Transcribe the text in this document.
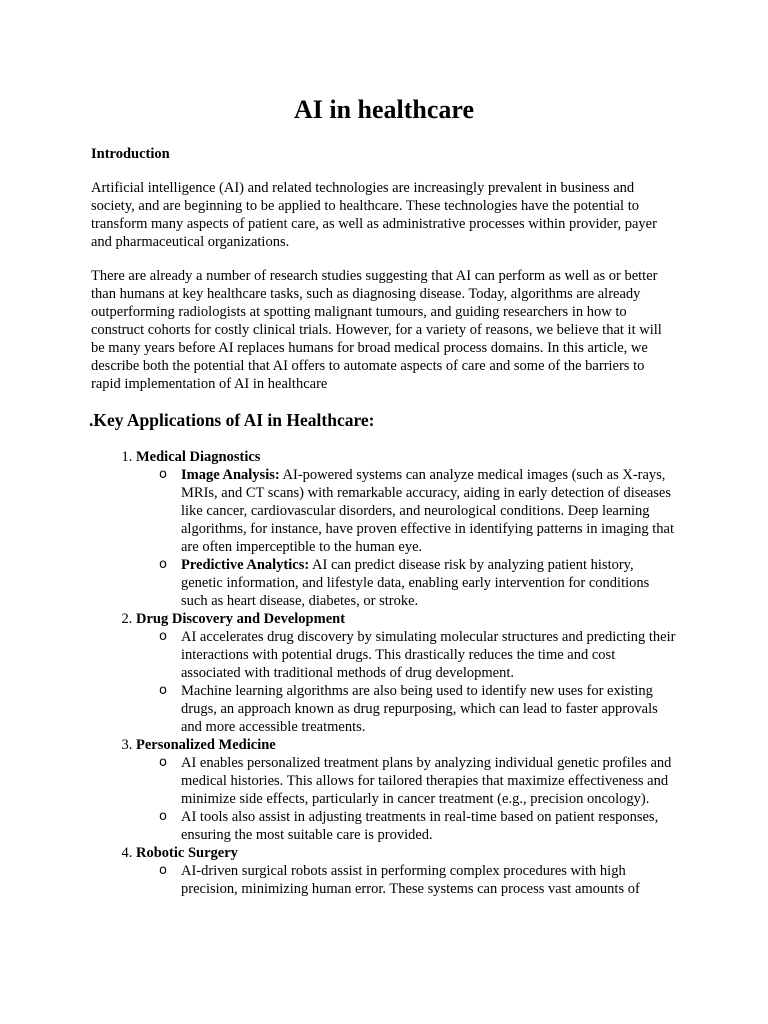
AI in healthcare
Introduction

Artificial intelligence (AI) and related technologies are increasingly prevalent in business and society, and are beginning to be applied to healthcare. These technologies have the potential to transform many aspects of patient care, as well as administrative processes within provider, payer and pharmaceutical organizations.

There are already a number of research studies suggesting that AI can perform as well as or better than humans at key healthcare tasks, such as diagnosing disease. Today, algorithms are already outperforming radiologists at spotting malignant tumours, and guiding researchers in how to construct cohorts for costly clinical trials. However, for a variety of reasons, we believe that it will be many years before AI replaces humans for broad medical process domains. In this article, we describe both the potential that AI offers to automate aspects of care and some of the barriers to rapid implementation of AI in healthcare

.Key Applications of AI in Healthcare:
1. Medical Diagnostics
o Image Analysis: AI-powered systems can analyze medical images (such as X-rays, MRIs, and CT scans) with remarkable accuracy, aiding in early detection of diseases like cancer, cardiovascular disorders, and neurological conditions. Deep learning algorithms, for instance, have proven effective in identifying patterns in imaging that are often imperceptible to the human eye.
o Predictive Analytics: AI can predict disease risk by analyzing patient history, genetic information, and lifestyle data, enabling early intervention for conditions such as heart disease, diabetes, or stroke.
2. Drug Discovery and Development
o AI accelerates drug discovery by simulating molecular structures and predicting their interactions with potential drugs. This drastically reduces the time and cost associated with traditional methods of drug development.
o Machine learning algorithms are also being used to identify new uses for existing drugs, an approach known as drug repurposing, which can lead to faster approvals and more accessible treatments.
3. Personalized Medicine
o AI enables personalized treatment plans by analyzing individual genetic profiles and medical histories. This allows for tailored therapies that maximize effectiveness and minimize side effects, particularly in cancer treatment (e.g., precision oncology).
o AI tools also assist in adjusting treatments in real-time based on patient responses, ensuring the most suitable care is provided.
4. Robotic Surgery
o AI-driven surgical robots assist in performing complex procedures with high precision, minimizing human error. These systems can process vast amounts of
